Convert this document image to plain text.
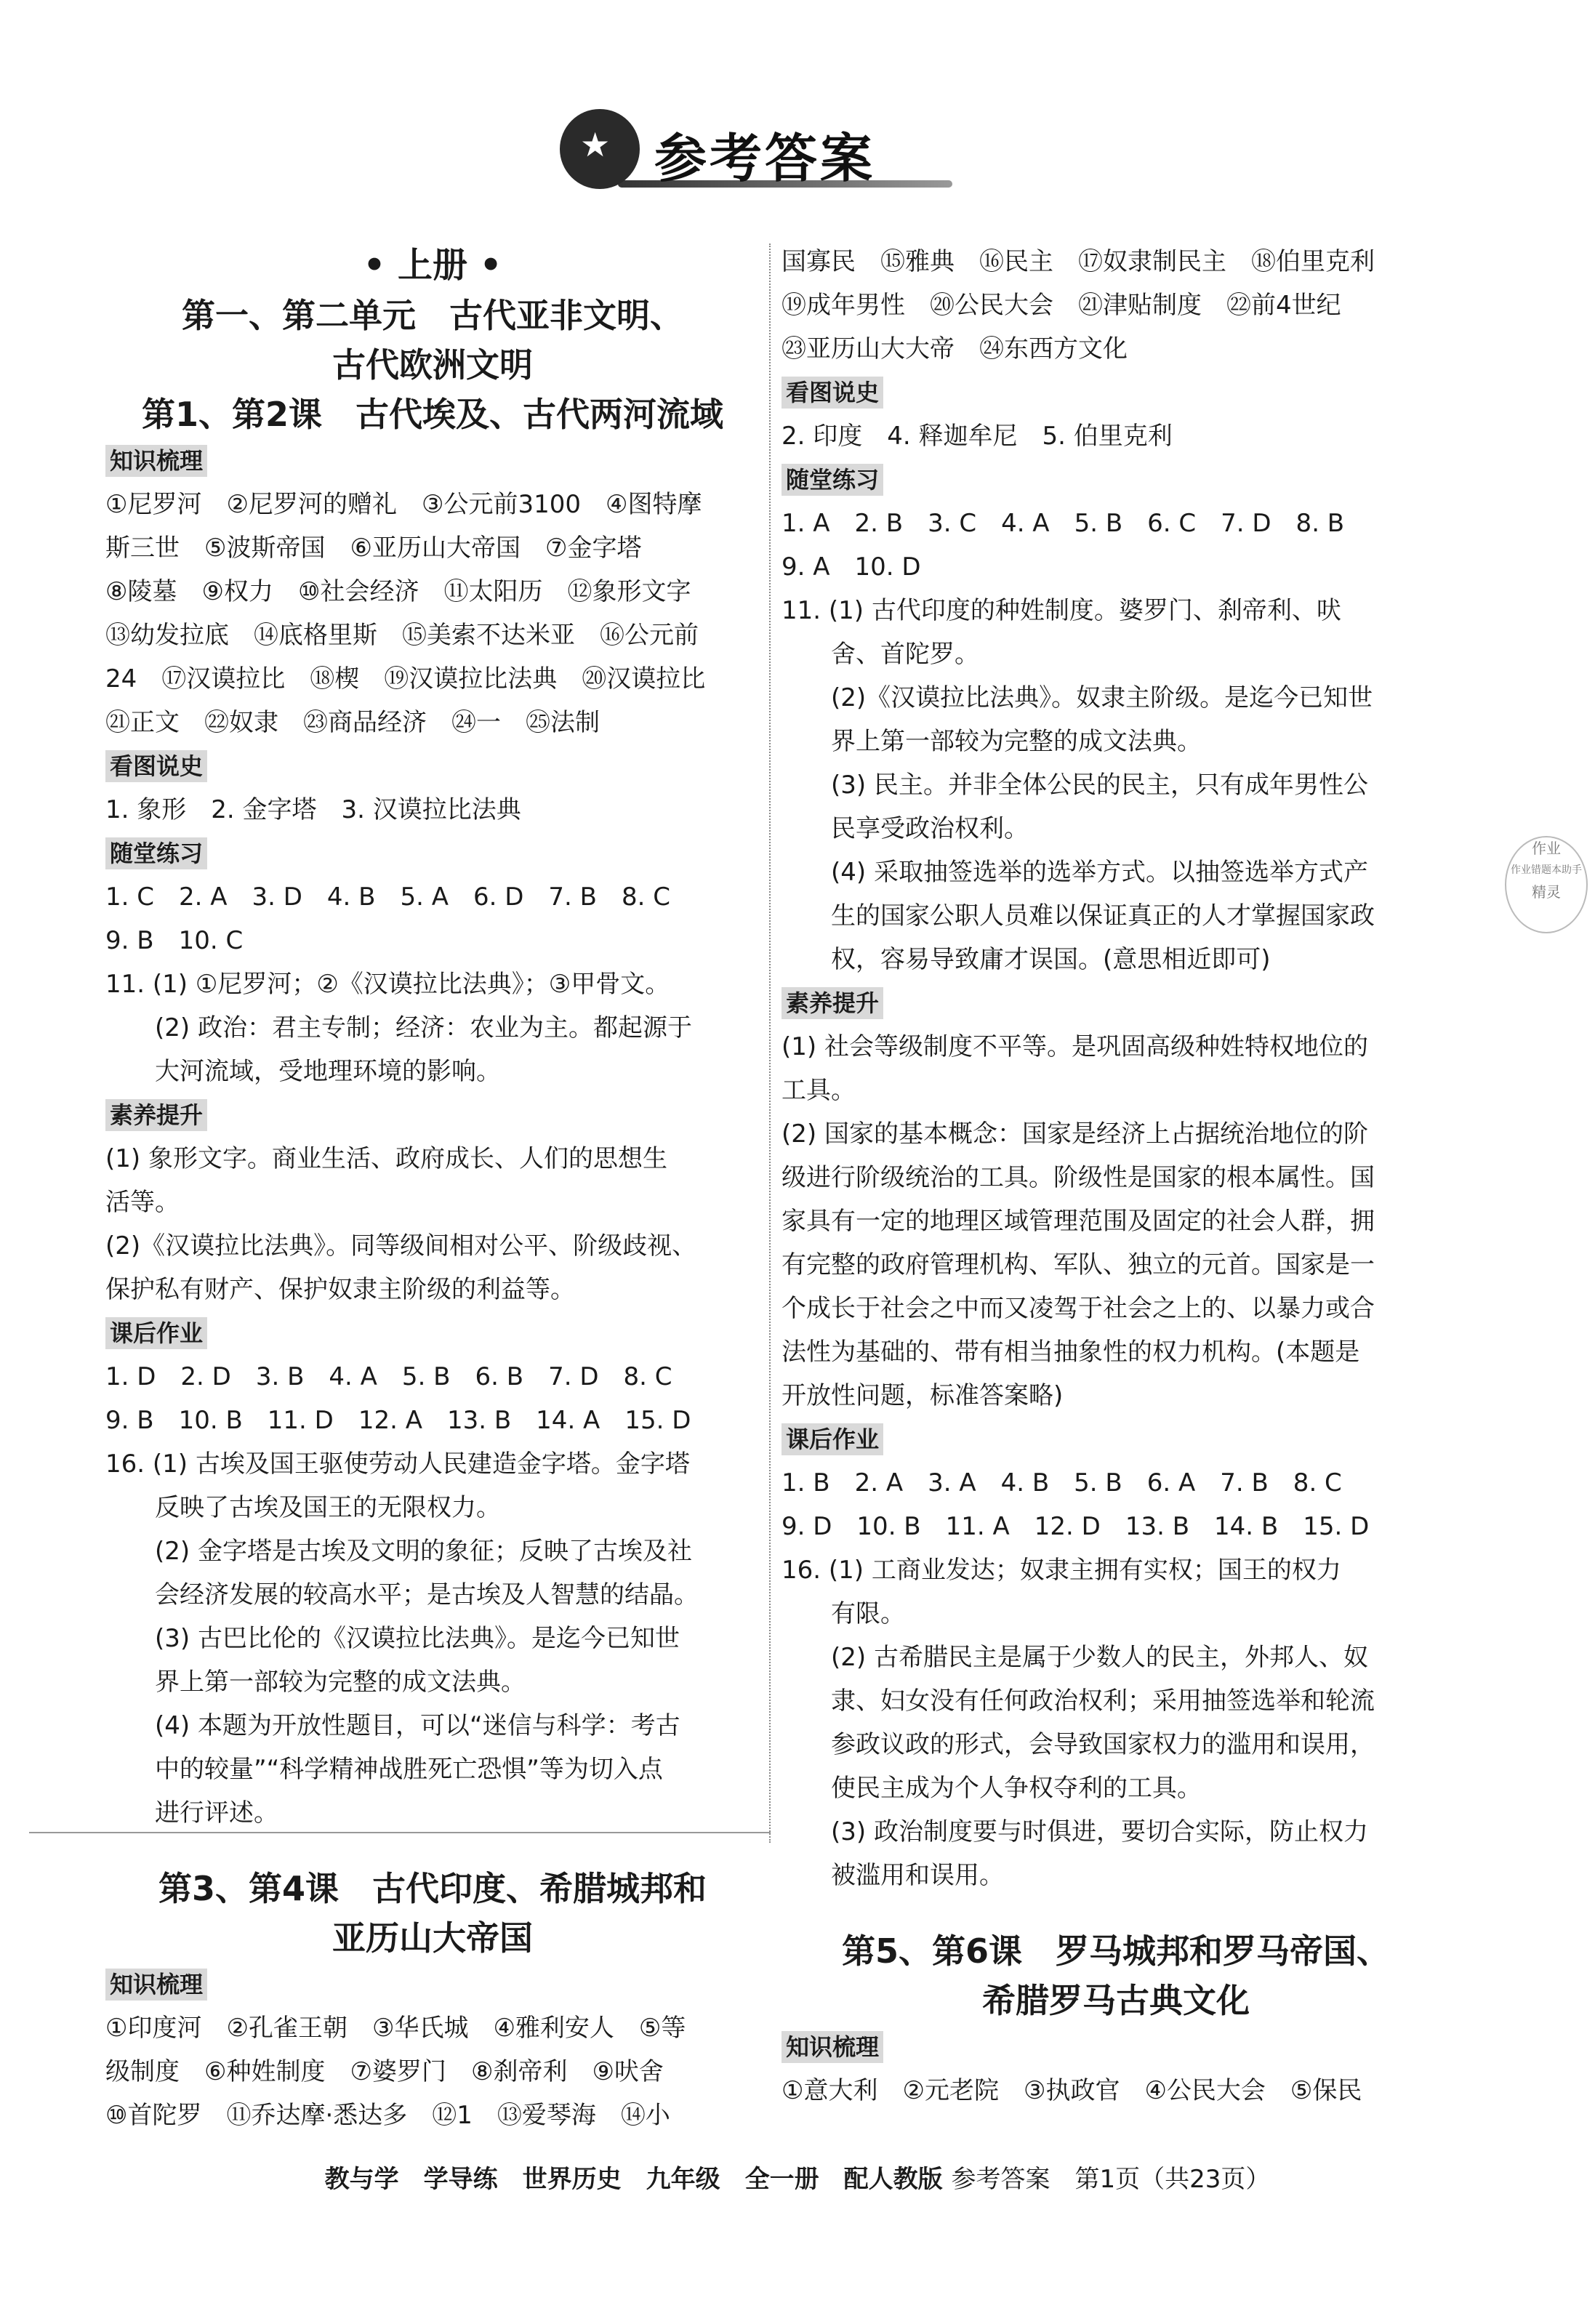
★ 参考答案
• 上册 •
第一、第二单元　古代亚非文明、
古代欧洲文明
第1、第2课　古代埃及、古代两河流域
知识梳理
①尼罗河　②尼罗河的赠礼　③公元前3100　④图特摩
斯三世　⑤波斯帝国　⑥亚历山大帝国　⑦金字塔
⑧陵墓　⑨权力　⑩社会经济　⑪太阳历　⑫象形文字
⑬幼发拉底　⑭底格里斯　⑮美索不达米亚　⑯公元前
24　⑰汉谟拉比　⑱楔　⑲汉谟拉比法典　⑳汉谟拉比
㉑正文　㉒奴隶　㉓商品经济　㉔一　㉕法制
看图说史
1. 象形　2. 金字塔　3. 汉谟拉比法典
随堂练习
1. C　2. A　3. D　4. B　5. A　6. D　7. B　8. C
9. B　10. C
11. (1) ①尼罗河；②《汉谟拉比法典》；③甲骨文。
(2) 政治：君主专制；经济：农业为主。都起源于
大河流域，受地理环境的影响。
素养提升
(1) 象形文字。商业生活、政府成长、人们的思想生
活等。
(2)《汉谟拉比法典》。同等级间相对公平、阶级歧视、
保护私有财产、保护奴隶主阶级的利益等。
课后作业
1. D　2. D　3. B　4. A　5. B　6. B　7. D　8. C
9. B　10. B　11. D　12. A　13. B　14. A　15. D
16. (1) 古埃及国王驱使劳动人民建造金字塔。金字塔
反映了古埃及国王的无限权力。
(2) 金字塔是古埃及文明的象征；反映了古埃及社
会经济发展的较高水平；是古埃及人智慧的结晶。
(3) 古巴比伦的《汉谟拉比法典》。是迄今已知世
界上第一部较为完整的成文法典。
(4) 本题为开放性题目，可以“迷信与科学：考古
中的较量”“科学精神战胜死亡恐惧”等为切入点
进行评述。
第3、第4课　古代印度、希腊城邦和
亚历山大帝国
知识梳理
①印度河　②孔雀王朝　③华氏城　④雅利安人　⑤等
级制度　⑥种姓制度　⑦婆罗门　⑧刹帝利　⑨吠舍
⑩首陀罗　⑪乔达摩·悉达多　⑫1　⑬爱琴海　⑭小
国寡民　⑮雅典　⑯民主　⑰奴隶制民主　⑱伯里克利
⑲成年男性　⑳公民大会　㉑津贴制度　㉒前4世纪
㉓亚历山大大帝　㉔东西方文化
看图说史
2. 印度　4. 释迦牟尼　5. 伯里克利
随堂练习
1. A　2. B　3. C　4. A　5. B　6. C　7. D　8. B
9. A　10. D
11. (1) 古代印度的种姓制度。婆罗门、刹帝利、吠
舍、首陀罗。
(2)《汉谟拉比法典》。奴隶主阶级。是迄今已知世
界上第一部较为完整的成文法典。
(3) 民主。并非全体公民的民主，只有成年男性公
民享受政治权利。
(4) 采取抽签选举的选举方式。以抽签选举方式产
生的国家公职人员难以保证真正的人才掌握国家政
权，容易导致庸才误国。(意思相近即可)
素养提升
(1) 社会等级制度不平等。是巩固高级种姓特权地位的
工具。
(2) 国家的基本概念：国家是经济上占据统治地位的阶
级进行阶级统治的工具。阶级性是国家的根本属性。国
家具有一定的地理区域管理范围及固定的社会人群，拥
有完整的政府管理机构、军队、独立的元首。国家是一
个成长于社会之中而又凌驾于社会之上的、以暴力或合
法性为基础的、带有相当抽象性的权力机构。(本题是
开放性问题，标准答案略)
课后作业
1. B　2. A　3. A　4. B　5. B　6. A　7. B　8. C
9. D　10. B　11. A　12. D　13. B　14. B　15. D
16. (1) 工商业发达；奴隶主拥有实权；国王的权力
有限。
(2) 古希腊民主是属于少数人的民主，外邦人、奴
隶、妇女没有任何政治权利；采用抽签选举和轮流
参政议政的形式，会导致国家权力的滥用和误用，
使民主成为个人争权夺利的工具。
(3) 政治制度要与时俱进，要切合实际，防止权力
被滥用和误用。
第5、第6课　罗马城邦和罗马帝国、
希腊罗马古典文化
知识梳理
①意大利　②元老院　③执政官　④公民大会　⑤保民
作业
作业错题本助手
精灵
教与学　学导练　世界历史　九年级　全一册　配人教版 参考答案　第1页（共23页）
